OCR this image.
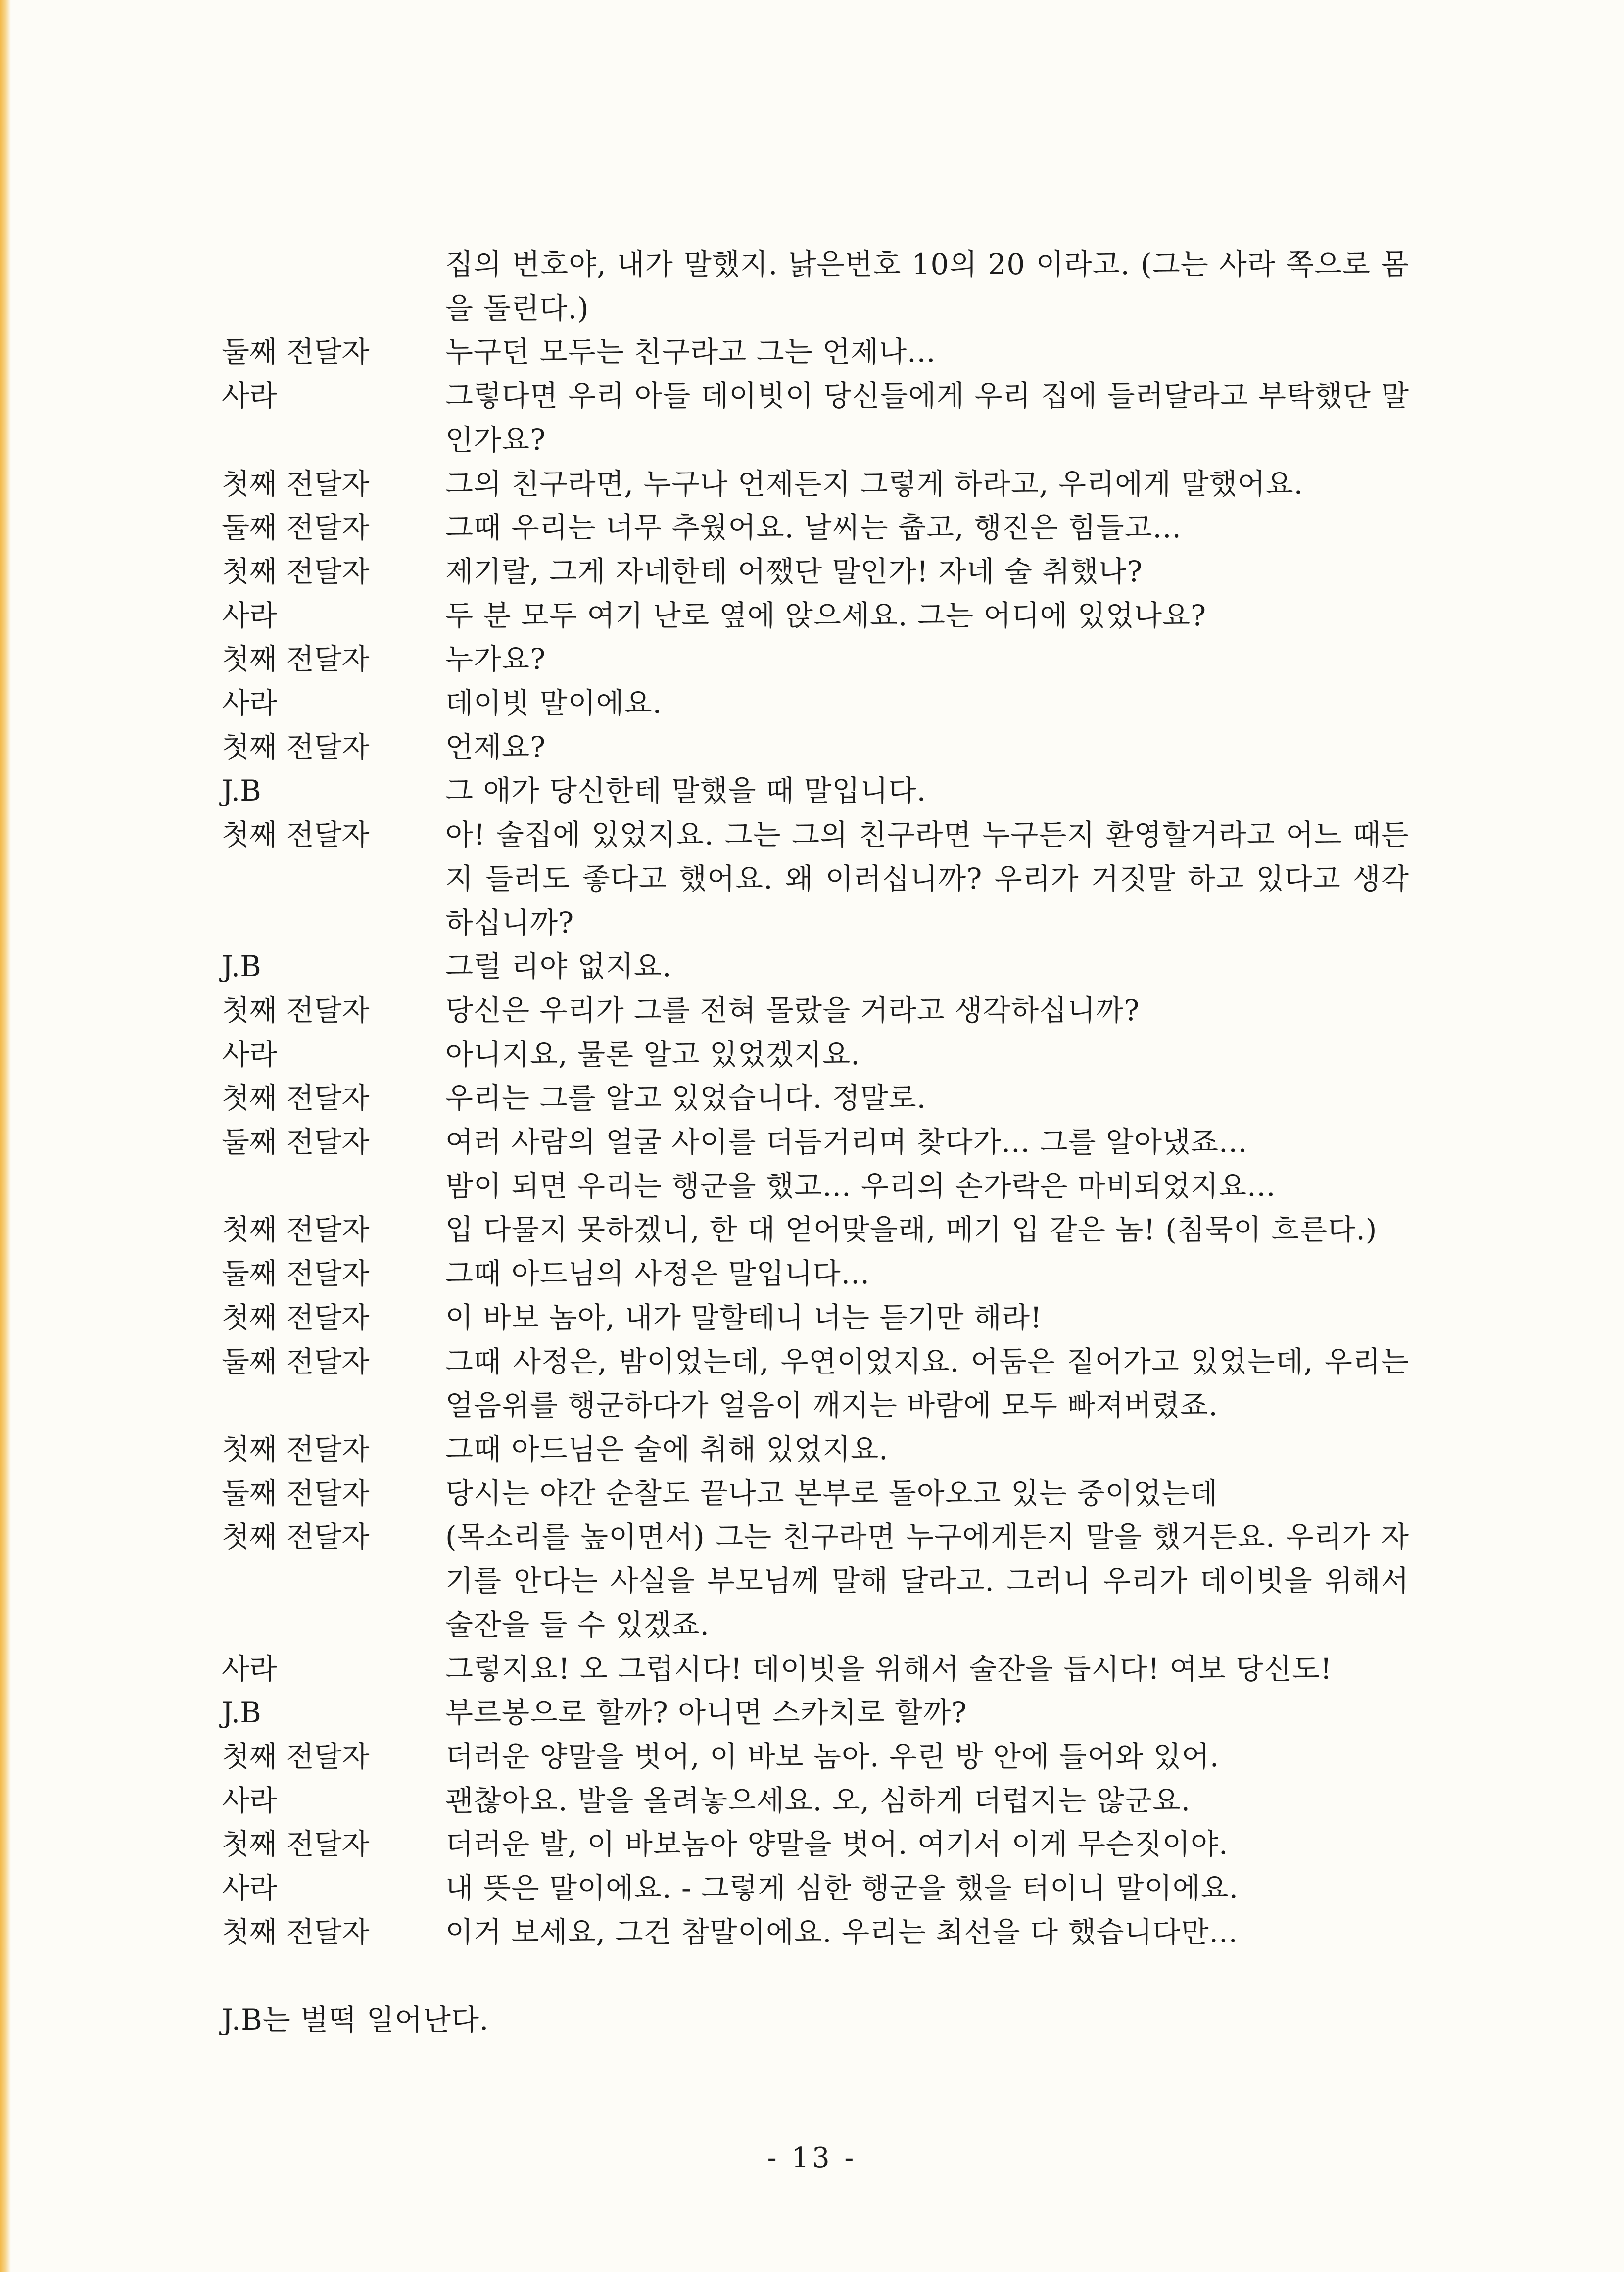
집의 번호야, 내가 말했지. 낡은번호 10의 20 이라고. (그는 사라 쪽으로 몸을 돌린다.)
둘째 전달자	누구던 모두는 친구라고 그는 언제나...
사라	그렇다면 우리 아들 데이빗이 당신들에게 우리 집에 들러달라고 부탁했단 말인가요?
첫째 전달자	그의 친구라면, 누구나 언제든지 그렇게 하라고, 우리에게 말했어요.
둘째 전달자	그때 우리는 너무 추웠어요. 날씨는 춥고, 행진은 힘들고...
첫째 전달자	제기랄, 그게 자네한테 어쨌단 말인가! 자네 술 취했나?
사라	두 분 모두 여기 난로 옆에 앉으세요. 그는 어디에 있었나요?
첫째 전달자	누가요?
사라	데이빗 말이에요.
첫째 전달자	언제요?
J.B	그 애가 당신한테 말했을 때 말입니다.
첫째 전달자	아! 술집에 있었지요. 그는 그의 친구라면 누구든지 환영할거라고 어느 때든지 들러도 좋다고 했어요. 왜 이러십니까? 우리가 거짓말 하고 있다고 생각하십니까?
J.B	그럴 리야 없지요.
첫째 전달자	당신은 우리가 그를 전혀 몰랐을 거라고 생각하십니까?
사라	아니지요, 물론 알고 있었겠지요.
첫째 전달자	우리는 그를 알고 있었습니다. 정말로.
둘째 전달자	여러 사람의 얼굴 사이를 더듬거리며 찾다가... 그를 알아냈죠...
밤이 되면 우리는 행군을 했고... 우리의 손가락은 마비되었지요...
첫째 전달자	입 다물지 못하겠니, 한 대 얻어맞을래, 메기 입 같은 놈! (침묵이 흐른다.)
둘째 전달자	그때 아드님의 사정은 말입니다...
첫째 전달자	이 바보 놈아, 내가 말할테니 너는 듣기만 해라!
둘째 전달자	그때 사정은, 밤이었는데, 우연이었지요. 어둠은 짙어가고 있었는데, 우리는 얼음위를 행군하다가 얼음이 깨지는 바람에 모두 빠져버렸죠.
첫째 전달자	그때 아드님은 술에 취해 있었지요.
둘째 전달자	당시는 야간 순찰도 끝나고 본부로 돌아오고 있는 중이었는데
첫째 전달자	(목소리를 높이면서) 그는 친구라면 누구에게든지 말을 했거든요. 우리가 자기를 안다는 사실을 부모님께 말해 달라고. 그러니 우리가 데이빗을 위해서 술잔을 들 수 있겠죠.
사라	그렇지요! 오 그럽시다! 데이빗을 위해서 술잔을 듭시다! 여보 당신도!
J.B	부르봉으로 할까? 아니면 스카치로 할까?
첫째 전달자	더러운 양말을 벗어, 이 바보 놈아. 우린 방 안에 들어와 있어.
사라	괜찮아요. 발을 올려놓으세요. 오, 심하게 더럽지는 않군요.
첫째 전달자	더러운 발, 이 바보놈아 양말을 벗어. 여기서 이게 무슨짓이야.
사라	내 뜻은 말이에요. - 그렇게 심한 행군을 했을 터이니 말이에요.
첫째 전달자	이거 보세요, 그건 참말이에요. 우리는 최선을 다 했습니다만...
J.B는 벌떡 일어난다.
- 13 -
